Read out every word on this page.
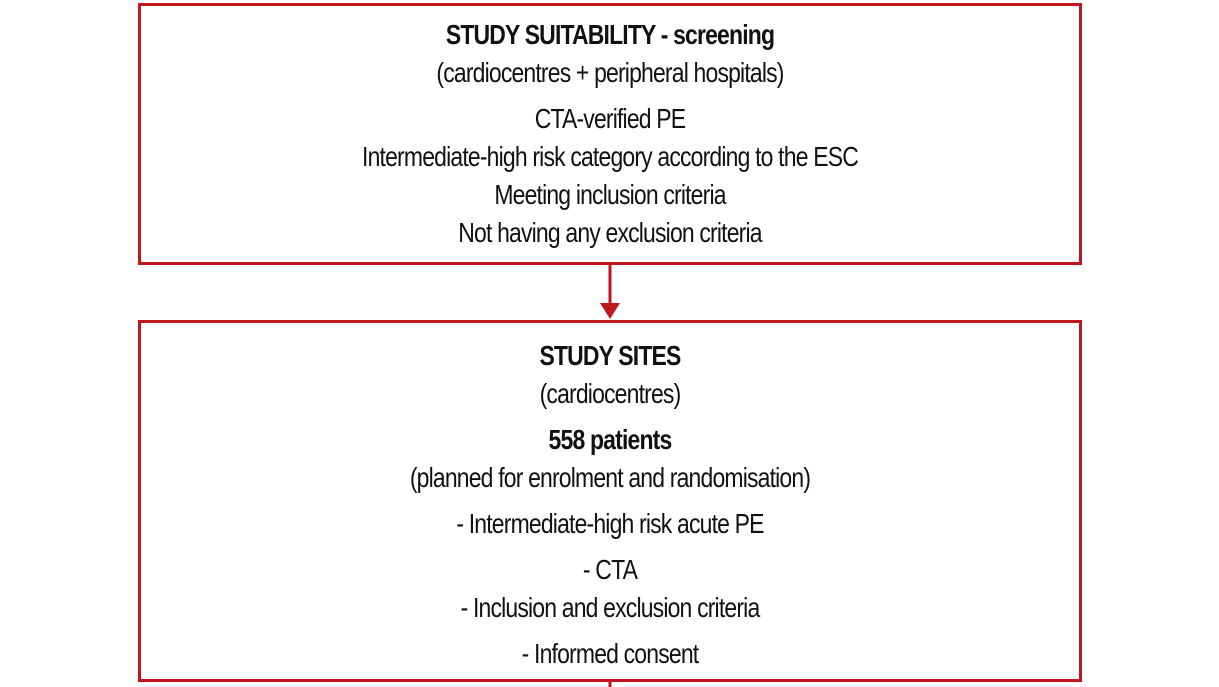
STUDY SUITABILITY - screening
(cardiocentres + peripheral hospitals)
CTA-verified PE
Intermediate-high risk category according to the ESC
Meeting inclusion criteria
Not having any exclusion criteria
STUDY SITES
(cardiocentres)
558 patients
(planned for enrolment and randomisation)
- Intermediate-high risk acute PE
- CTA
- Inclusion and exclusion criteria
- Informed consent
